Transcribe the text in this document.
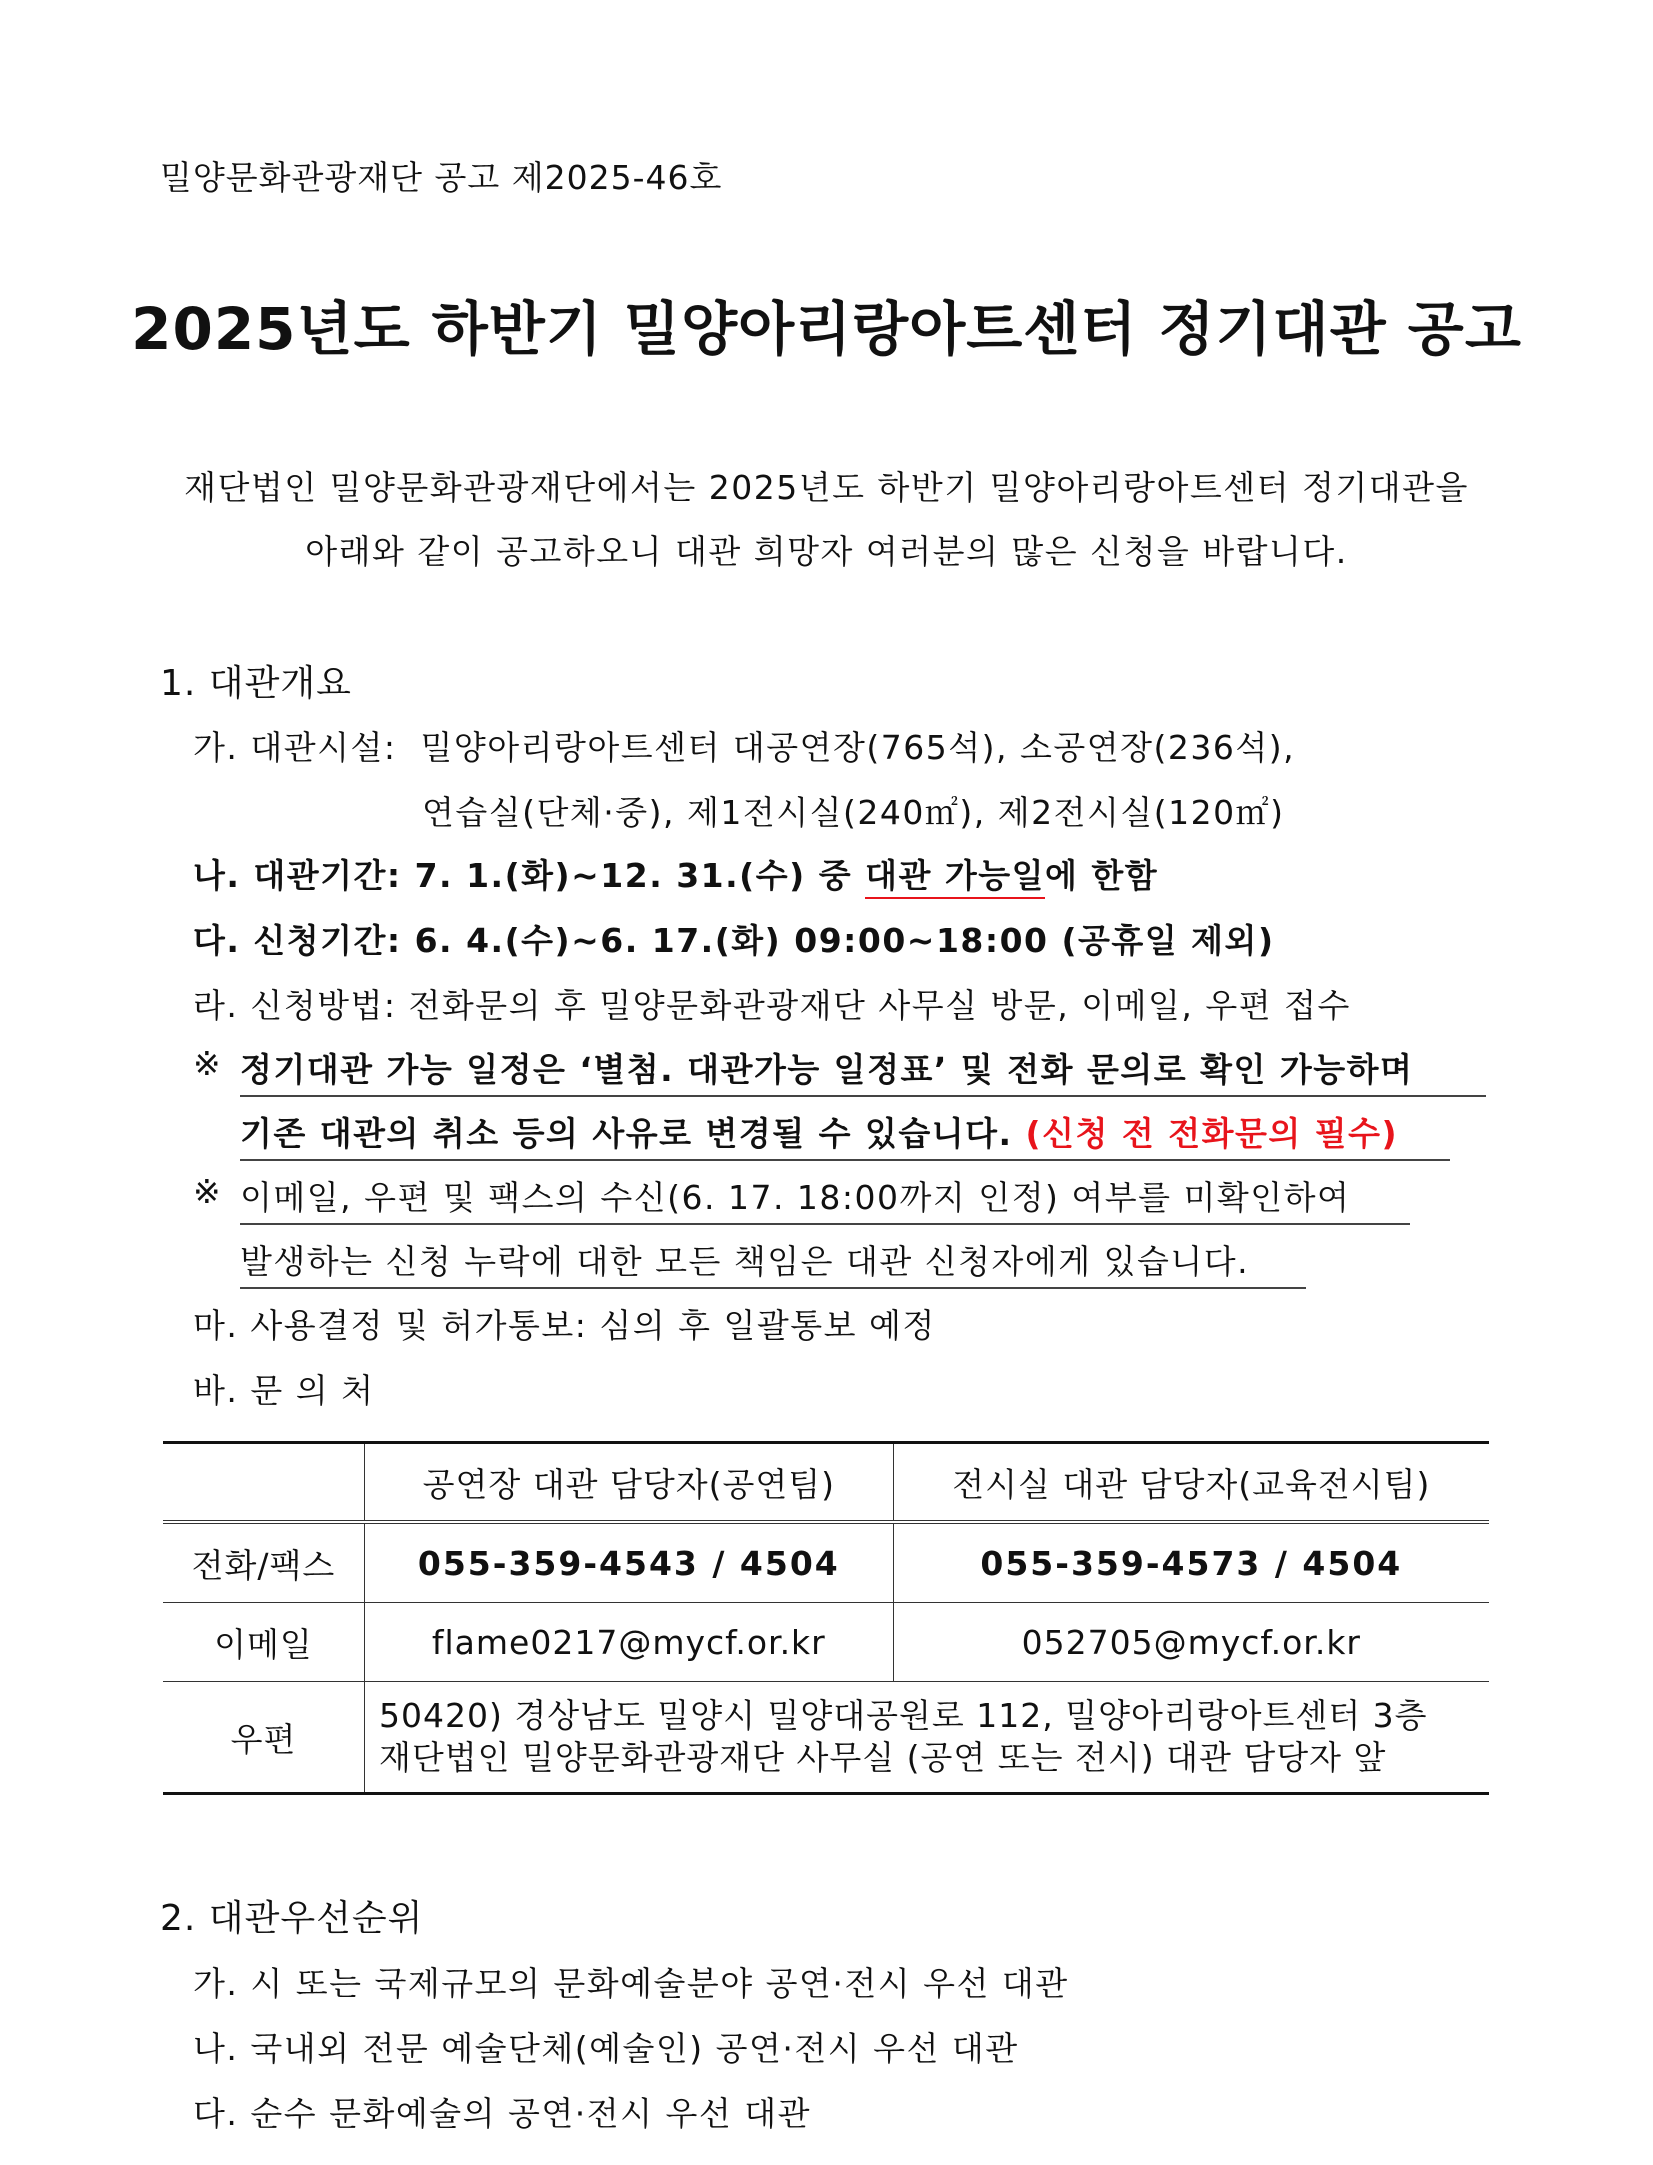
밀양문화관광재단 공고 제2025-46호
2025년도 하반기 밀양아리랑아트센터 정기대관 공고
재단법인 밀양문화관광재단에서는 2025년도 하반기 밀양아리랑아트센터 정기대관을
아래와 같이 공고하오니 대관 희망자 여러분의 많은 신청을 바랍니다.
1. 대관개요
가. 대관시설: 밀양아리랑아트센터 대공연장(765석), 소공연장(236석),
연습실(단체·중), 제1전시실(240㎡), 제2전시실(120㎡)
나. 대관기간: 7. 1.(화)~12. 31.(수) 중 대관 가능일에 한함
다. 신청기간: 6. 4.(수)~6. 17.(화) 09:00~18:00 (공휴일 제외)
라. 신청방법: 전화문의 후 밀양문화관광재단 사무실 방문, 이메일, 우편 접수
※ 정기대관 가능 일정은 ‘별첨. 대관가능 일정표’ 및 전화 문의로 확인 가능하며
기존 대관의 취소 등의 사유로 변경될 수 있습니다. (신청 전 전화문의 필수)
※ 이메일, 우편 및 팩스의 수신(6. 17. 18:00까지 인정) 여부를 미확인하여
발생하는 신청 누락에 대한 모든 책임은 대관 신청자에게 있습니다.
마. 사용결정 및 허가통보: 심의 후 일괄통보 예정
바. 문 의 처
	공연장 대관 담당자(공연팀)	전시실 대관 담당자(교육전시팀)
전화/팩스	055-359-4543 / 4504	055-359-4573 / 4504
이메일	flame0217@mycf.or.kr	052705@mycf.or.kr
우편	50420) 경상남도 밀양시 밀양대공원로 112, 밀양아리랑아트센터 3층
재단법인 밀양문화관광재단 사무실 (공연 또는 전시) 대관 담당자 앞	
2. 대관우선순위
가. 시 또는 국제규모의 문화예술분야 공연·전시 우선 대관
나. 국내외 전문 예술단체(예술인) 공연·전시 우선 대관
다. 순수 문화예술의 공연·전시 우선 대관
